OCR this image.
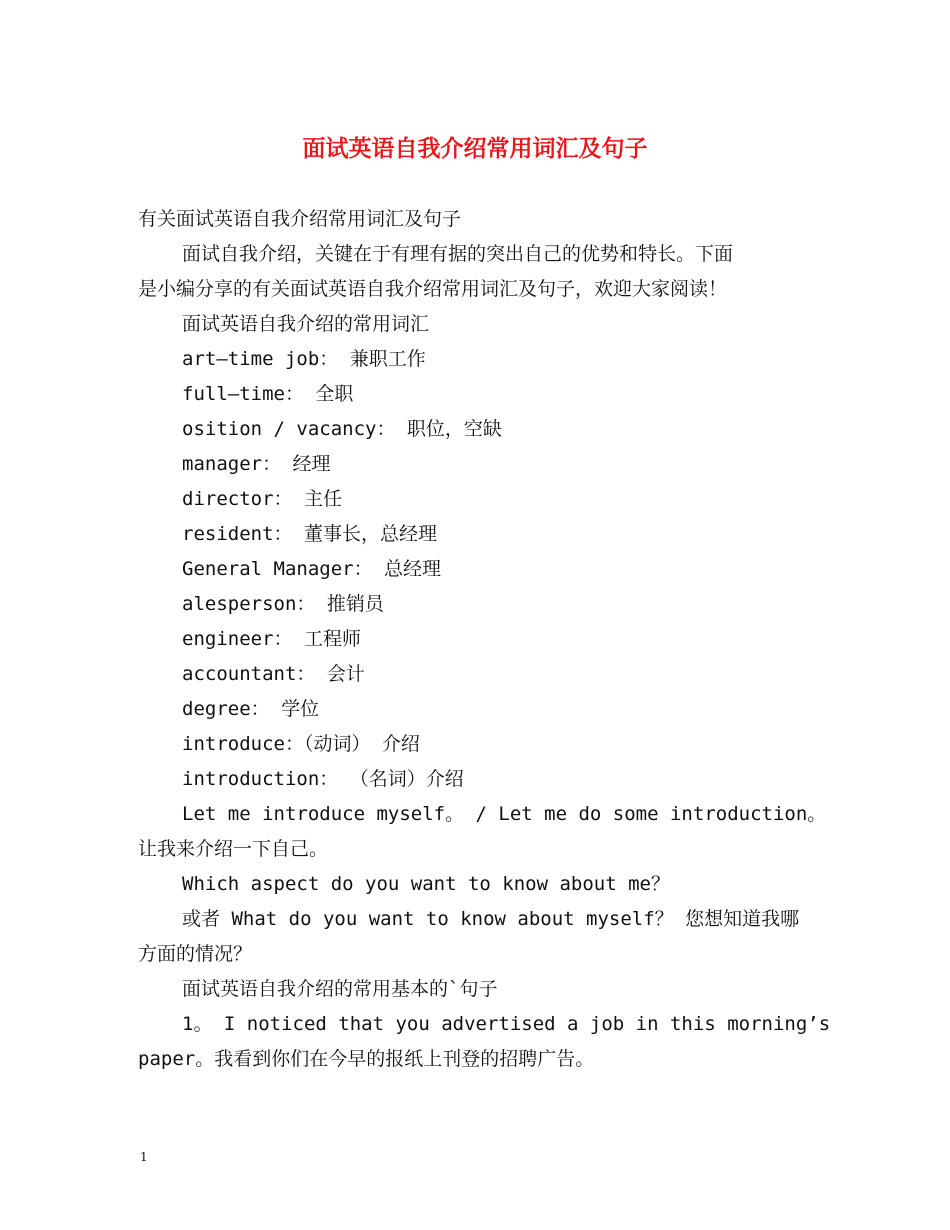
面试英语自我介绍常用词汇及句子

有关面试英语自我介绍常用词汇及句子

面试自我介绍，关键在于有理有据的突出自己的优势和特长。下面

是小编分享的有关面试英语自我介绍常用词汇及句子，欢迎大家阅读！

面试英语自我介绍的常用词汇

art—time job： 兼职工作

full—time： 全职

osition / vacancy： 职位，空缺

manager： 经理

director： 主任

resident： 董事长，总经理

General Manager： 总经理

alesperson： 推销员

engineer： 工程师

accountant： 会计

degree： 学位

introduce：（动词） 介绍

introduction： （名词）介绍

Let me introduce myself。 / Let me do some introduction。

让我来介绍一下自己。

Which aspect do you want to know about me？

或者 What do you want to know about myself？ 您想知道我哪

方面的情况？

面试英语自我介绍的常用基本的`句子

1。 I noticed that you advertised a job in this morning’s

paper。我看到你们在今早的报纸上刊登的招聘广告。

1
